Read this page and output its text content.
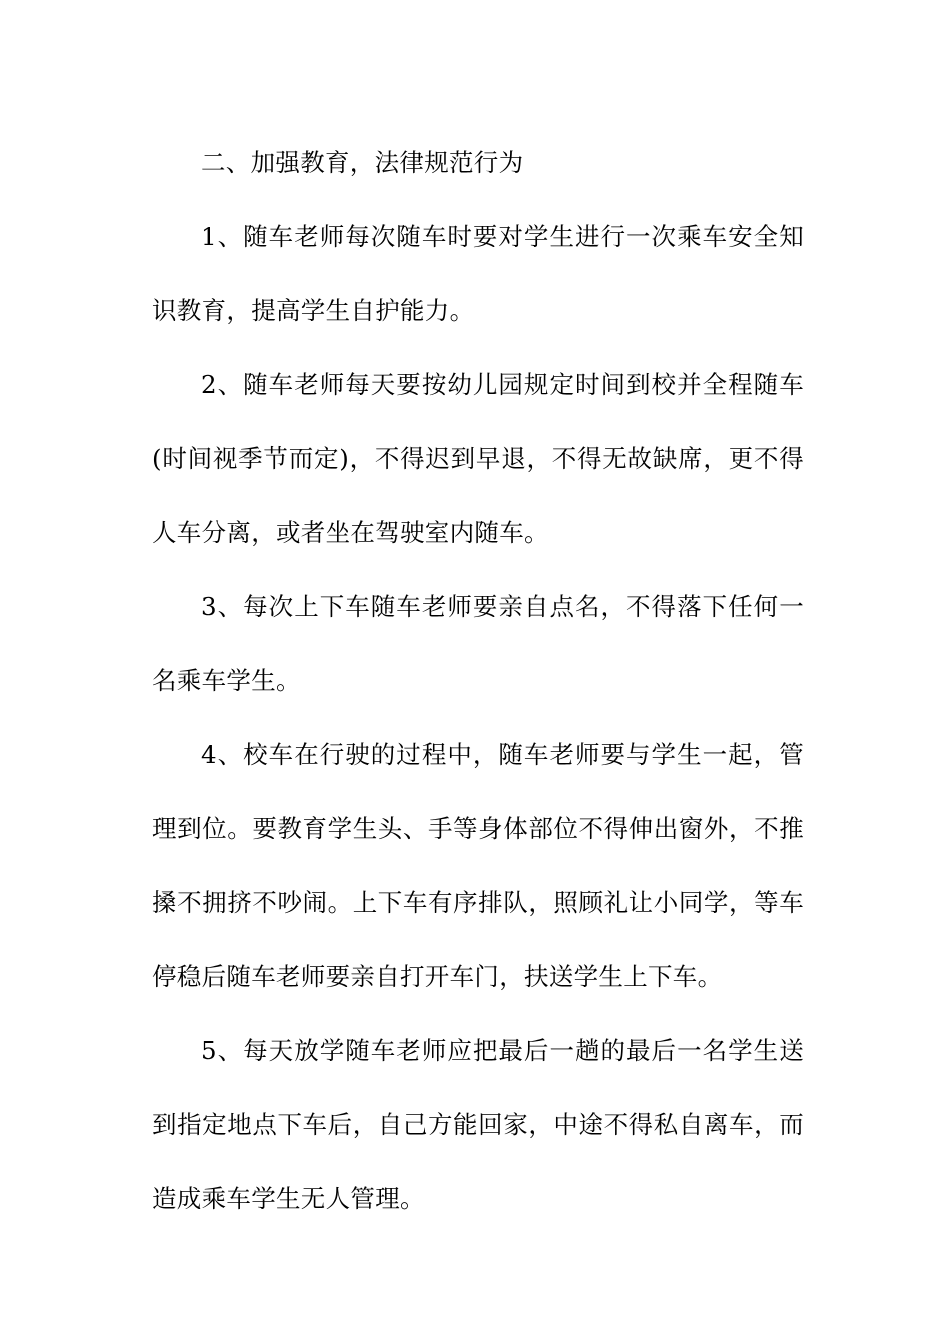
二、加强教育，法律规范行为

1、随车老师每次随车时要对学生进行一次乘车安全知识教育，提高学生自护能力。

2、随车老师每天要按幼儿园规定时间到校并全程随车(时间视季节而定)，不得迟到早退，不得无故缺席，更不得人车分离，或者坐在驾驶室内随车。

3、每次上下车随车老师要亲自点名，不得落下任何一名乘车学生。

4、校车在行驶的过程中，随车老师要与学生一起，管理到位。要教育学生头、手等身体部位不得伸出窗外，不推搡不拥挤不吵闹。上下车有序排队，照顾礼让小同学，等车停稳后随车老师要亲自打开车门，扶送学生上下车。

5、每天放学随车老师应把最后一趟的最后一名学生送到指定地点下车后，自己方能回家，中途不得私自离车，而造成乘车学生无人管理。
